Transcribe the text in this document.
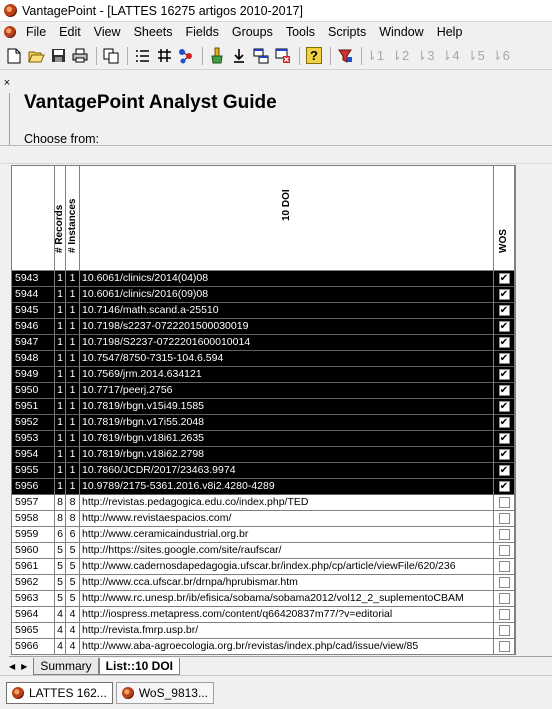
VantagePoint - [LATTES 16275 artigos 2010-2017]
File Edit View Sheets Fields Groups Tools Scripts Window Help
?	⇂1 ⇂2 ⇂3 ⇂4 ⇂5 ⇂6
×
VantagePoint Analyst Guide
Choose from:
# Records # Instances	10 DOI
WOS
5943	1 1 10.6061/clinics/2014(04)08	✔
5944	1 1 10.6061/clinics/2016(09)08	✔
5945	1 1 10.7146/math.scand.a-25510	✔
5946	1 1 10.7198/s2237-0722201500030019	✔
5947	1 1 10.7198/S2237-0722201600010014	✔
5948	1 1 10.7547/8750-7315-104.6.594	✔
5949	1 1 10.7569/jrm.2014.634121	✔
5950	1 1 10.7717/peerj.2756	✔
5951	1 1 10.7819/rbgn.v15i49.1585	✔
5952	1 1 10.7819/rbgn.v17i55.2048	✔
5953	1 1 10.7819/rbgn.v18i61.2635	✔
5954	1 1 10.7819/rbgn.v18i62.2798	✔
5955	1 1 10.7860/JCDR/2017/23463.9974	✔
5956	1 1 10.9789/2175-5361.2016.v8i2.4280-4289	✔
5957	8 8 http://revistas.pedagogica.edu.co/index.php/TED
5958	8 8 http://www.revistaespacios.com/
5959	6 6 http://www.ceramicaindustrial.org.br
5960	5 5 http://https://sites.google.com/site/raufscar/
5961	5 5 http://www.cadernosdapedagogia.ufscar.br/index.php/cp/article/viewFile/620/236
5962	5 5 http://www.cca.ufscar.br/drnpa/hprubismar.htm
5963	5 5 http://www.rc.unesp.br/ib/efisica/sobama/sobama2012/vol12_2_suplementoCBAM
5964	4 4 http://iospress.metapress.com/content/q66420837m77/?v=editorial
5965	4 4 http://revista.fmrp.usp.br/
5966	4 4 http://www.aba-agroecologia.org.br/revistas/index.php/cad/issue/view/85
◀ ▶	Summary	List::10 DOI
LATTES 162...	WoS_9813...
